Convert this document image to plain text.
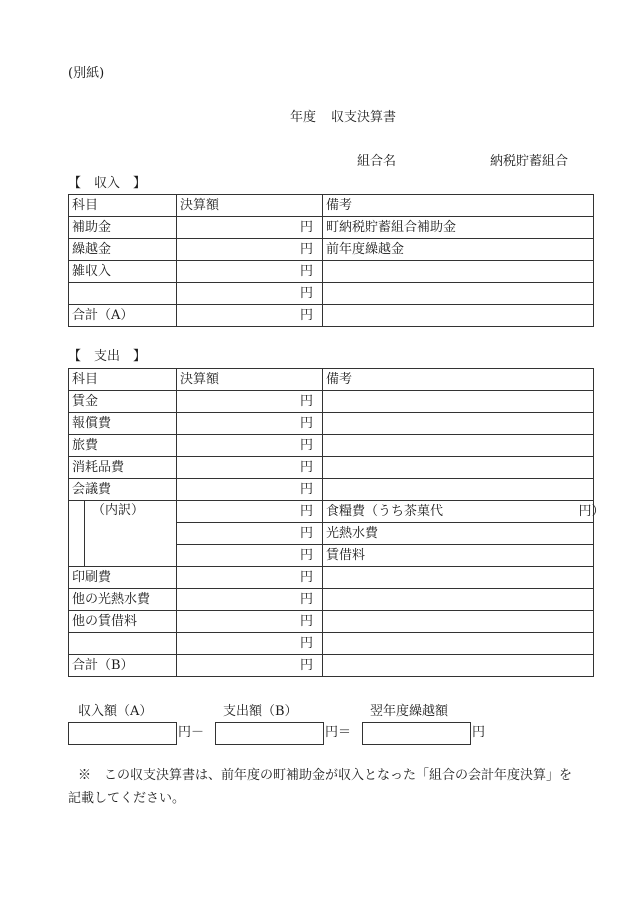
(別紙)
年度 収支決算書
組合名	納税貯蓄組合
【　収入　】
科目	決算額	備考
補助金	円	町納税貯蓄組合補助金
繰越金	円	前年度繰越金
雑収入	円	
	円	
合計（A）	円	
【　支出　】
科目	決算額	備考
賃金	円	
報償費	円	
旅費	円	
消耗品費	円	
会議費	円	

（内訳）	円	食糧費（うち茶菓代 円）

	円	光熱水費
	円	賃借料
印刷費	円	
他の光熱水費	円	
他の賃借料	円	
	円	
合計（B）	円	
収入額（A）	支出額（B）	翌年度繰越額
円－	円＝	円
※　この収支決算書は、前年度の町補助金が収入となった「組合の会計年度決算」を
記載してください。
